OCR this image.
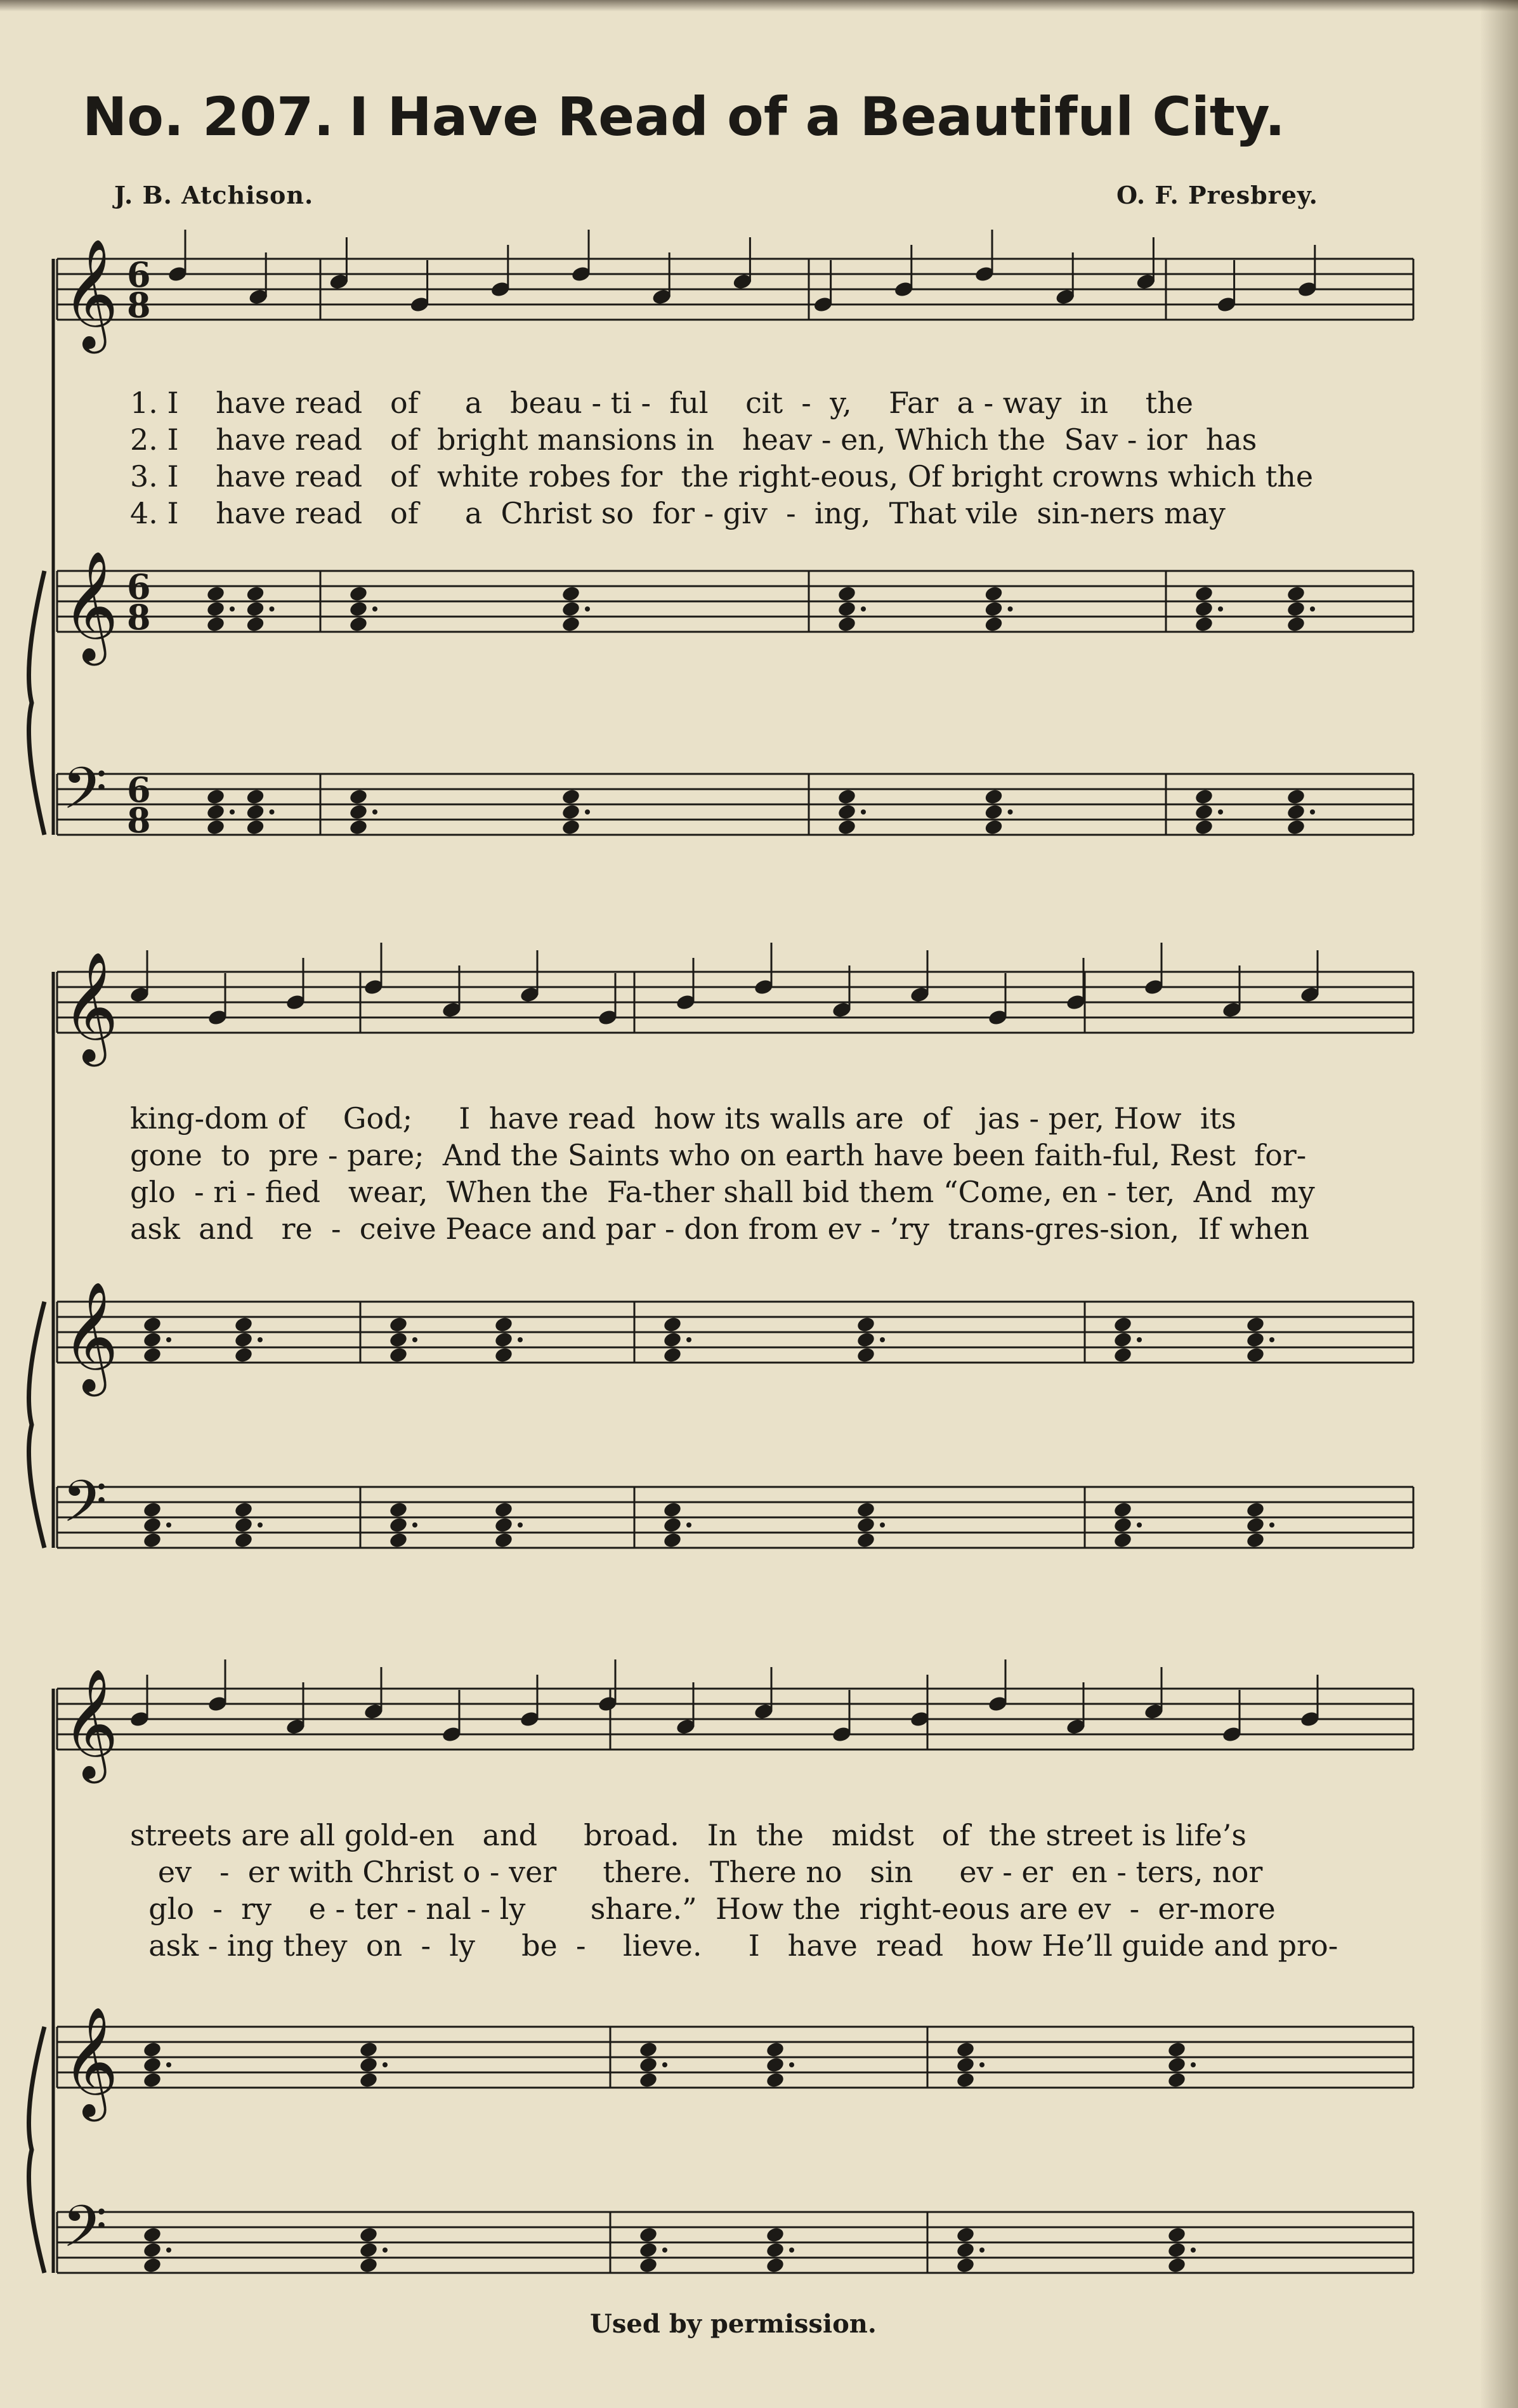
No. 207. I Have Read of a Beautiful City.
J. B. Atchison.	O. F. Presbrey.
𝄞 6
8
𝄞 6
8
𝄢 6
8
𝄞
𝄞
𝄢
𝄞
𝄞
𝄢
1. I    have read   of     a   beau - ti -  ful    cit  -  y,    Far  a - way  in    the
2. I    have read   of  bright mansions in   heav - en, Which the  Sav - ior  has
3. I    have read   of  white robes for  the right-eous, Of bright crowns which the
4. I    have read   of     a  Christ so  for - giv  -  ing,  That vile  sin-ners may
king-dom of    God;     I  have read  how its walls are  of   jas - per, How  its
gone  to  pre - pare;  And the Saints who on earth have been faith-ful, Rest  for-
glo  - ri - fied   wear,  When the  Fa-ther shall bid them “Come, en - ter,  And  my
ask  and   re  -  ceive Peace and par - don from ev - ’ry  trans-gres-sion,  If when
streets are all gold-en   and     broad.   In  the   midst   of  the street is life’s
ev   -  er with Christ o - ver     there.  There no   sin     ev - er  en - ters, nor
glo  -  ry    e - ter - nal - ly       share.”  How the  right-eous are ev  -  er-more
ask - ing they  on  -  ly     be  -    lieve.     I   have  read   how He’ll guide and pro-
Used by permission.
